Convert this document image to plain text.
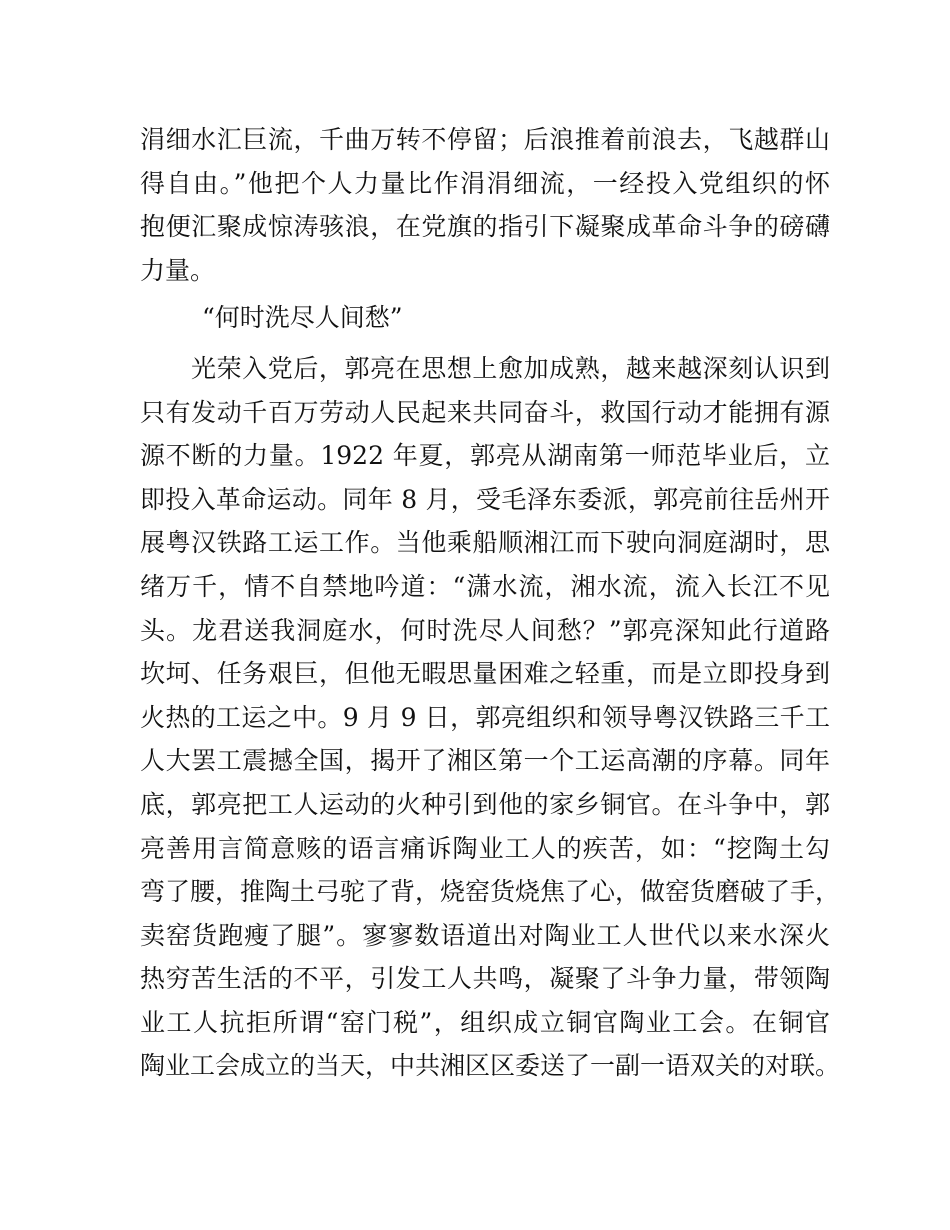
涓细水汇巨流，千曲万转不停留；后浪推着前浪去，飞越群山
得自由。”他把个人力量比作涓涓细流，一经投入党组织的怀
抱便汇聚成惊涛骇浪，在党旗的指引下凝聚成革命斗争的磅礴
力量。
“何时洗尽人间愁”
光荣入党后，郭亮在思想上愈加成熟，越来越深刻认识到
只有发动千百万劳动人民起来共同奋斗，救国行动才能拥有源
源不断的力量。1922 年夏，郭亮从湖南第一师范毕业后，立
即投入革命运动。同年 8 月，受毛泽东委派，郭亮前往岳州开
展粤汉铁路工运工作。当他乘船顺湘江而下驶向洞庭湖时，思
绪万千，情不自禁地吟道：“潇水流，湘水流，流入长江不见
头。龙君送我洞庭水，何时洗尽人间愁？”郭亮深知此行道路
坎坷、任务艰巨，但他无暇思量困难之轻重，而是立即投身到
火热的工运之中。9 月 9 日，郭亮组织和领导粤汉铁路三千工
人大罢工震撼全国，揭开了湘区第一个工运高潮的序幕。同年
底，郭亮把工人运动的火种引到他的家乡铜官。在斗争中，郭
亮善用言简意赅的语言痛诉陶业工人的疾苦，如：“挖陶土勾
弯了腰，推陶土弓驼了背，烧窑货烧焦了心，做窑货磨破了手，
卖窑货跑瘦了腿”。寥寥数语道出对陶业工人世代以来水深火
热穷苦生活的不平，引发工人共鸣，凝聚了斗争力量，带领陶
业工人抗拒所谓“窑门税”，组织成立铜官陶业工会。在铜官
陶业工会成立的当天，中共湘区区委送了一副一语双关的对联。
